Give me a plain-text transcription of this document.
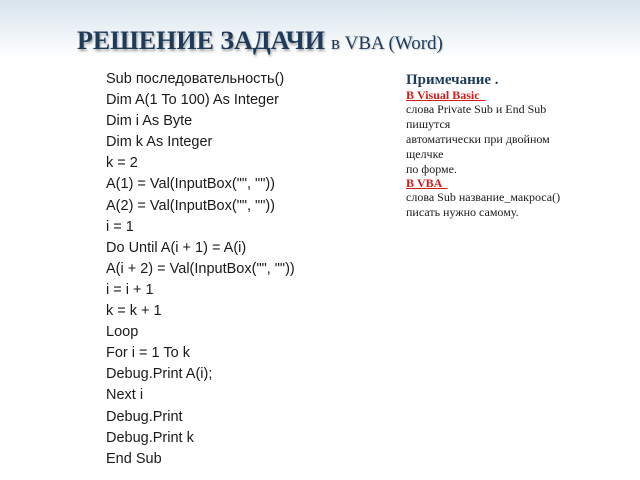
РЕШЕНИЕ ЗАДАЧИ в VBA (Word)
Sub последовательность()
Dim A(1 To 100) As Integer
Dim i As Byte
Dim k As Integer
k = 2
A(1) = Val(InputBox("", ""))
A(2) = Val(InputBox("", ""))
i = 1
Do Until A(i + 1) = A(i)
A(i + 2) = Val(InputBox("", ""))
i = i + 1
k = k + 1
Loop
For i = 1 To k
Debug.Print A(i);
Next i
Debug.Print
Debug.Print k
End Sub
Примечание .
В Visual Basic
слова Private Sub и End Sub
пишутся
автоматически при двойном
щелчке
по форме.
В VBA
слова Sub название_макроса()
писать нужно самому.
